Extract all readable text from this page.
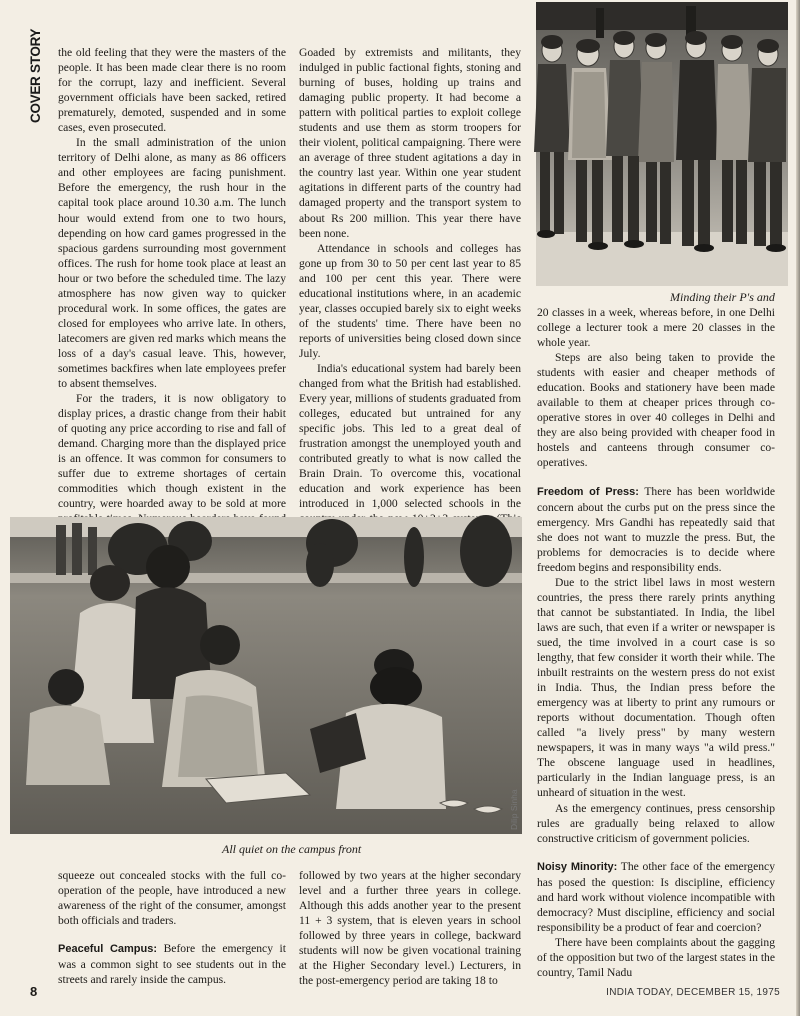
COVER STORY the old feeling that they were the masters of the people. It has been made clear there is no room for the corrupt, lazy and inefficient. Several government officials have been sacked, retired prematurely, demoted, suspended and in some cases, even prosecuted.

In the small administration of the union territory of Delhi alone, as many as 86 officers and other employees are facing punishment. Before the emergency, the rush hour in the capital took place around 10.30 a.m. The lunch hour would extend from one to two hours, depending on how card games progressed in the spacious gardens surrounding most government offices. The rush for home took place at least an hour or two before the scheduled time. The lazy atmosphere has now given way to quicker procedural work. In some offices, the gates are closed for employees who arrive late. In others, latecomers are given red marks which means the loss of a day's casual leave. This, however, sometimes backfires when late employees prefer to absent themselves.

For the traders, it is now obligatory to display prices, a drastic change from their habit of quoting any price according to rise and fall of demand. Charging more than the displayed price is an offence. It was common for consumers to suffer due to extreme shortages of certain commodities which though existent in the country, were hoarded away to be sold at more

Goaded by extremists and militants, they indulged in public factional fights, stoning and burning of buses, holding up trains and damaging public property. It had become a pattern with political parties to exploit college students and use them as storm troopers for their violent, political campaigning. There were an average of three student agitations a day in the country last year. Within one year student agitations in different parts of the country had damaged property and the transport system to about Rs 200 million. This year there have been none.

Attendance in schools and colleges has gone up from 30 to 50 per cent last year to 85 and 100 per cent this year. There were educational institutions where, in an academic year, classes occupied barely six to eight weeks of the students' time. There have been no reports of universities being closed down since July.

India's educational system had barely been changed from what the British had established. Every year, millions of students graduated from colleges, educated but untrained for any specific jobs. This led to a great deal of frustration amongst the unemployed youth and contributed greatly to what is now called the Brain Drain. To overcome this, vocational education and work experience has been introduced in 1,000 selected schools in the

Minding their P's and

20 classes in a week, whereas before, in one Delhi college a lecturer took a mere 20 classes in the whole year.

Steps are also being taken to provide the students with easier and cheaper methods of education. Books and stationery have been made available to them at cheaper prices through co-operative stores in over 40 colleges in Delhi and they are also being provided with cheaper food in hostels and canteens through consumer co-operatives.

Freedom of Press: There has been worldwide concern about the curbs put on the press since the emergency. Mrs Gandhi has repeatedly said that she does not want to muzzle the press. But, the problems for democracies is to decide where freedom begins and responsibility ends.

Due to the strict libel laws in most western countries, the press there rarely prints anything that cannot be substantiated. In India, the libel laws are such, that even if a writer or newspaper is sued, the time involved in a court case is so lengthy, that few consider it worth their while. The inbuilt restraints on the western press do not exist in India. Thus, the Indian press before the emergency was at liberty to print any rumours or reports without documentation. Though often called "a lively press" by many western newspapers, it was in many ways "a wild press." The obscene language used in headlines, particularly in the Indian language press, is an unheard of situation in the west.

As the emergency continues, press censorship rules are gradually being relaxed to allow constructive criticism of government policies.

Noisy Minority: The other face of the emergency has posed the question: Is discipline, efficiency and hard work without violence incompatible with democracy? Must discipline, efficiency and social responsibility be a product of fear and coercion?

There have been complaints about the gagging of the opposition but two of the largest states in the country, Tamil Nadu

Dilip Sinha
All quiet on the campus front

squeeze out concealed stocks with the full co-operation of the people, have introduced a new awareness of the right of the consumer, amongst both officials and traders.

Peaceful Campus: Before the emergency it was a common sight to see students out in the streets and rarely inside the campus.

followed by two years at the higher secondary level and a further three years in college. Although this adds another year to the present 11 + 3 system, that is eleven years in school followed by three years in college, backward students will now be given vocational training at the Higher Secondary level.) Lecturers, in the post-emergency period are taking 18 to

8	INDIA TODAY, DECEMBER 15, 1975
